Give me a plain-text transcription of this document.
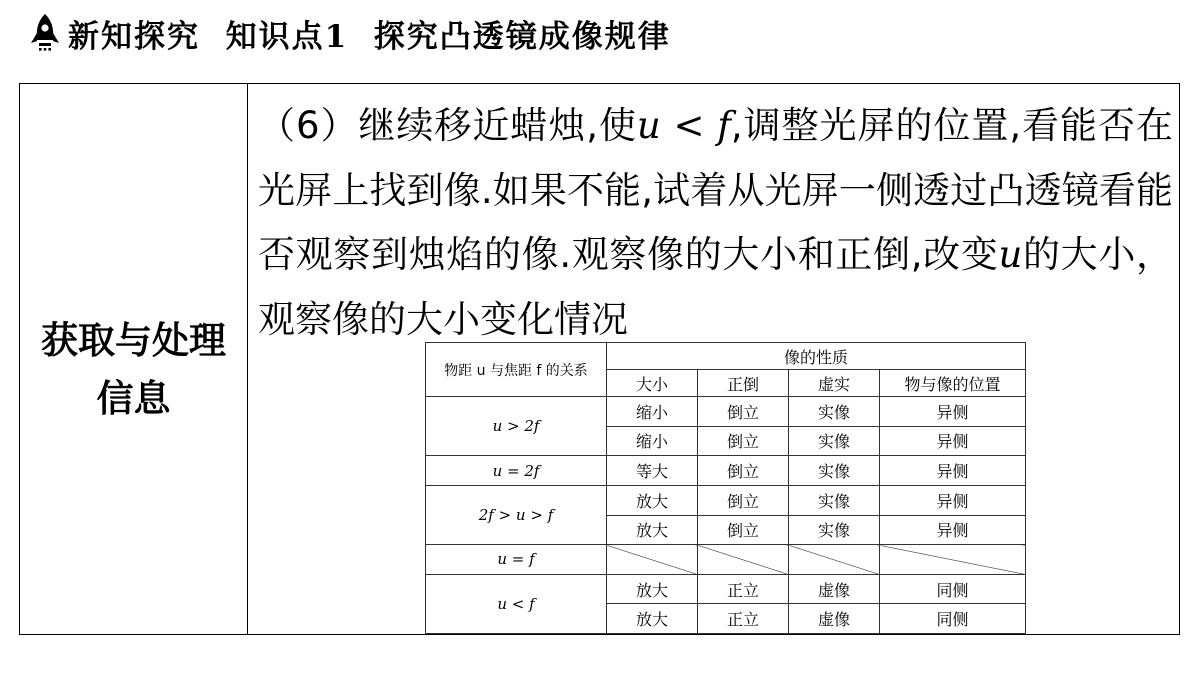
新知探究  知识点1  探究凸透镜成像规律
获取与处理
信息
（6）继续移近蜡烛,使u < f,调整光屏的位置,看能否在光屏上找到像.如果不能,试着从光屏一侧透过凸透镜看能否观察到烛焰的像.观察像的大小和正倒,改变u的大小，观察像的大小变化情况
物距 u 与焦距 f 的关系	像的性质			
	大小	正倒	虚实	物与像的位置
u > 2f	缩小	倒立	实像	异侧
	缩小	倒立	实像	异侧
u = 2f	等大	倒立	实像	异侧
2f > u > f	放大	倒立	实像	异侧
	放大	倒立	实像	异侧
u = f				
u < f	放大	正立	虚像	同侧
	放大	正立	虚像	同侧
